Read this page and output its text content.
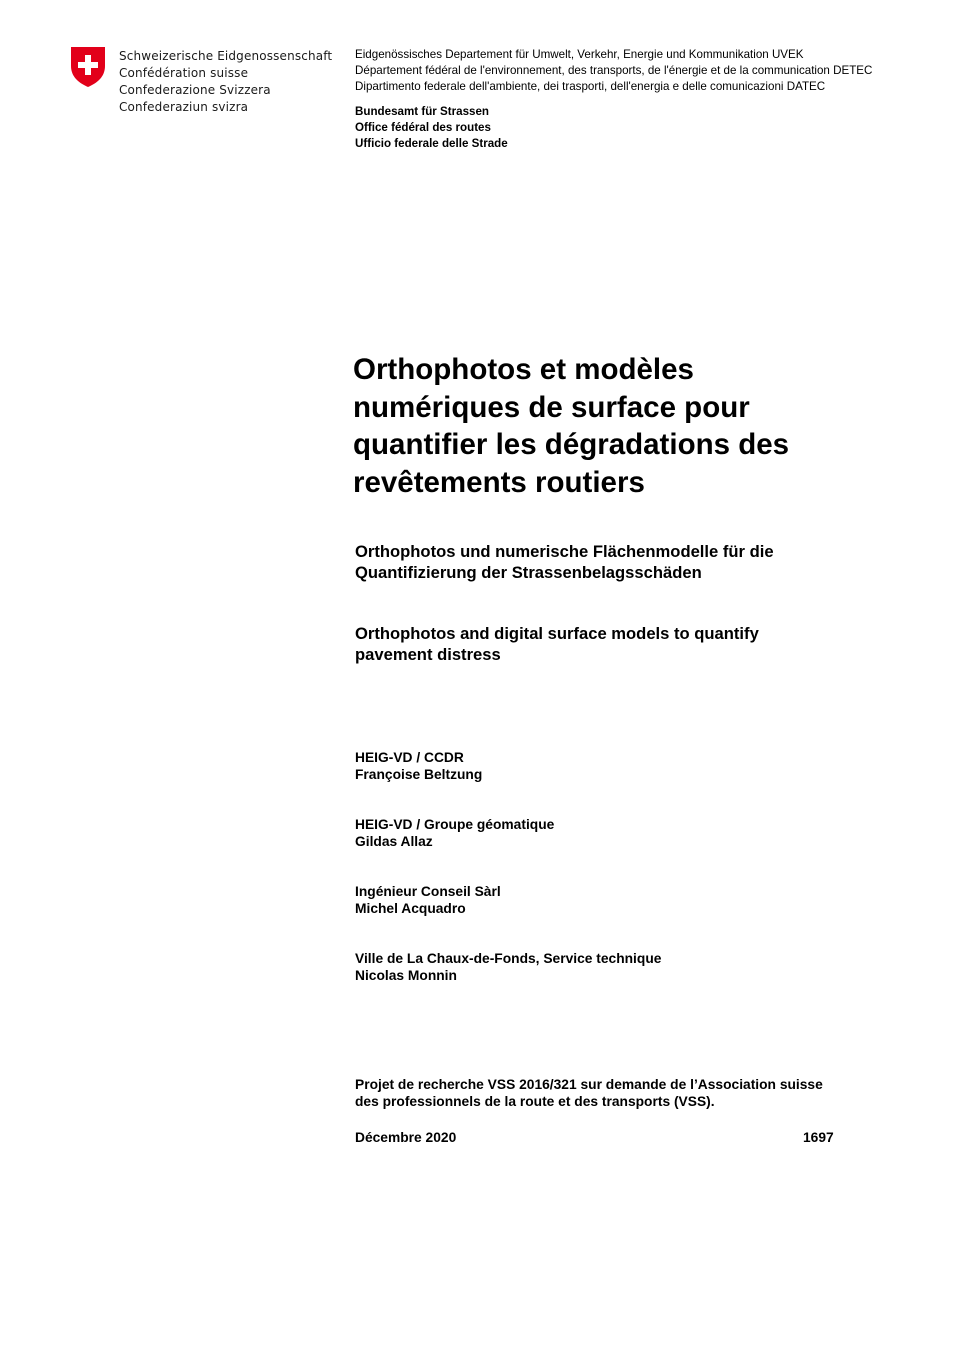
Schweizerische Eidgenossenschaft
Confédération suisse
Confederazione Svizzera
Confederaziun svizra
Eidgenössisches Departement für Umwelt, Verkehr, Energie und Kommunikation UVEK
Département fédéral de l'environnement, des transports, de l'énergie et de la communication DETEC
Dipartimento federale dell'ambiente, dei trasporti, dell'energia e delle comunicazioni DATEC
Bundesamt für Strassen
Office fédéral des routes
Ufficio federale delle Strade
Orthophotos et modèles
numériques de surface pour
quantifier les dégradations des
revêtements routiers
Orthophotos und numerische Flächenmodelle für die
Quantifizierung der Strassenbelagsschäden
Orthophotos and digital surface models to quantify
pavement distress
HEIG-VD / CCDR
Françoise Beltzung
HEIG-VD / Groupe géomatique
Gildas Allaz
Ingénieur Conseil Sàrl
Michel Acquadro
Ville de La Chaux-de-Fonds, Service technique
Nicolas Monnin
Projet de recherche VSS 2016/321 sur demande de l’Association suisse
des professionnels de la route et des transports (VSS).
Décembre 2020	1697
